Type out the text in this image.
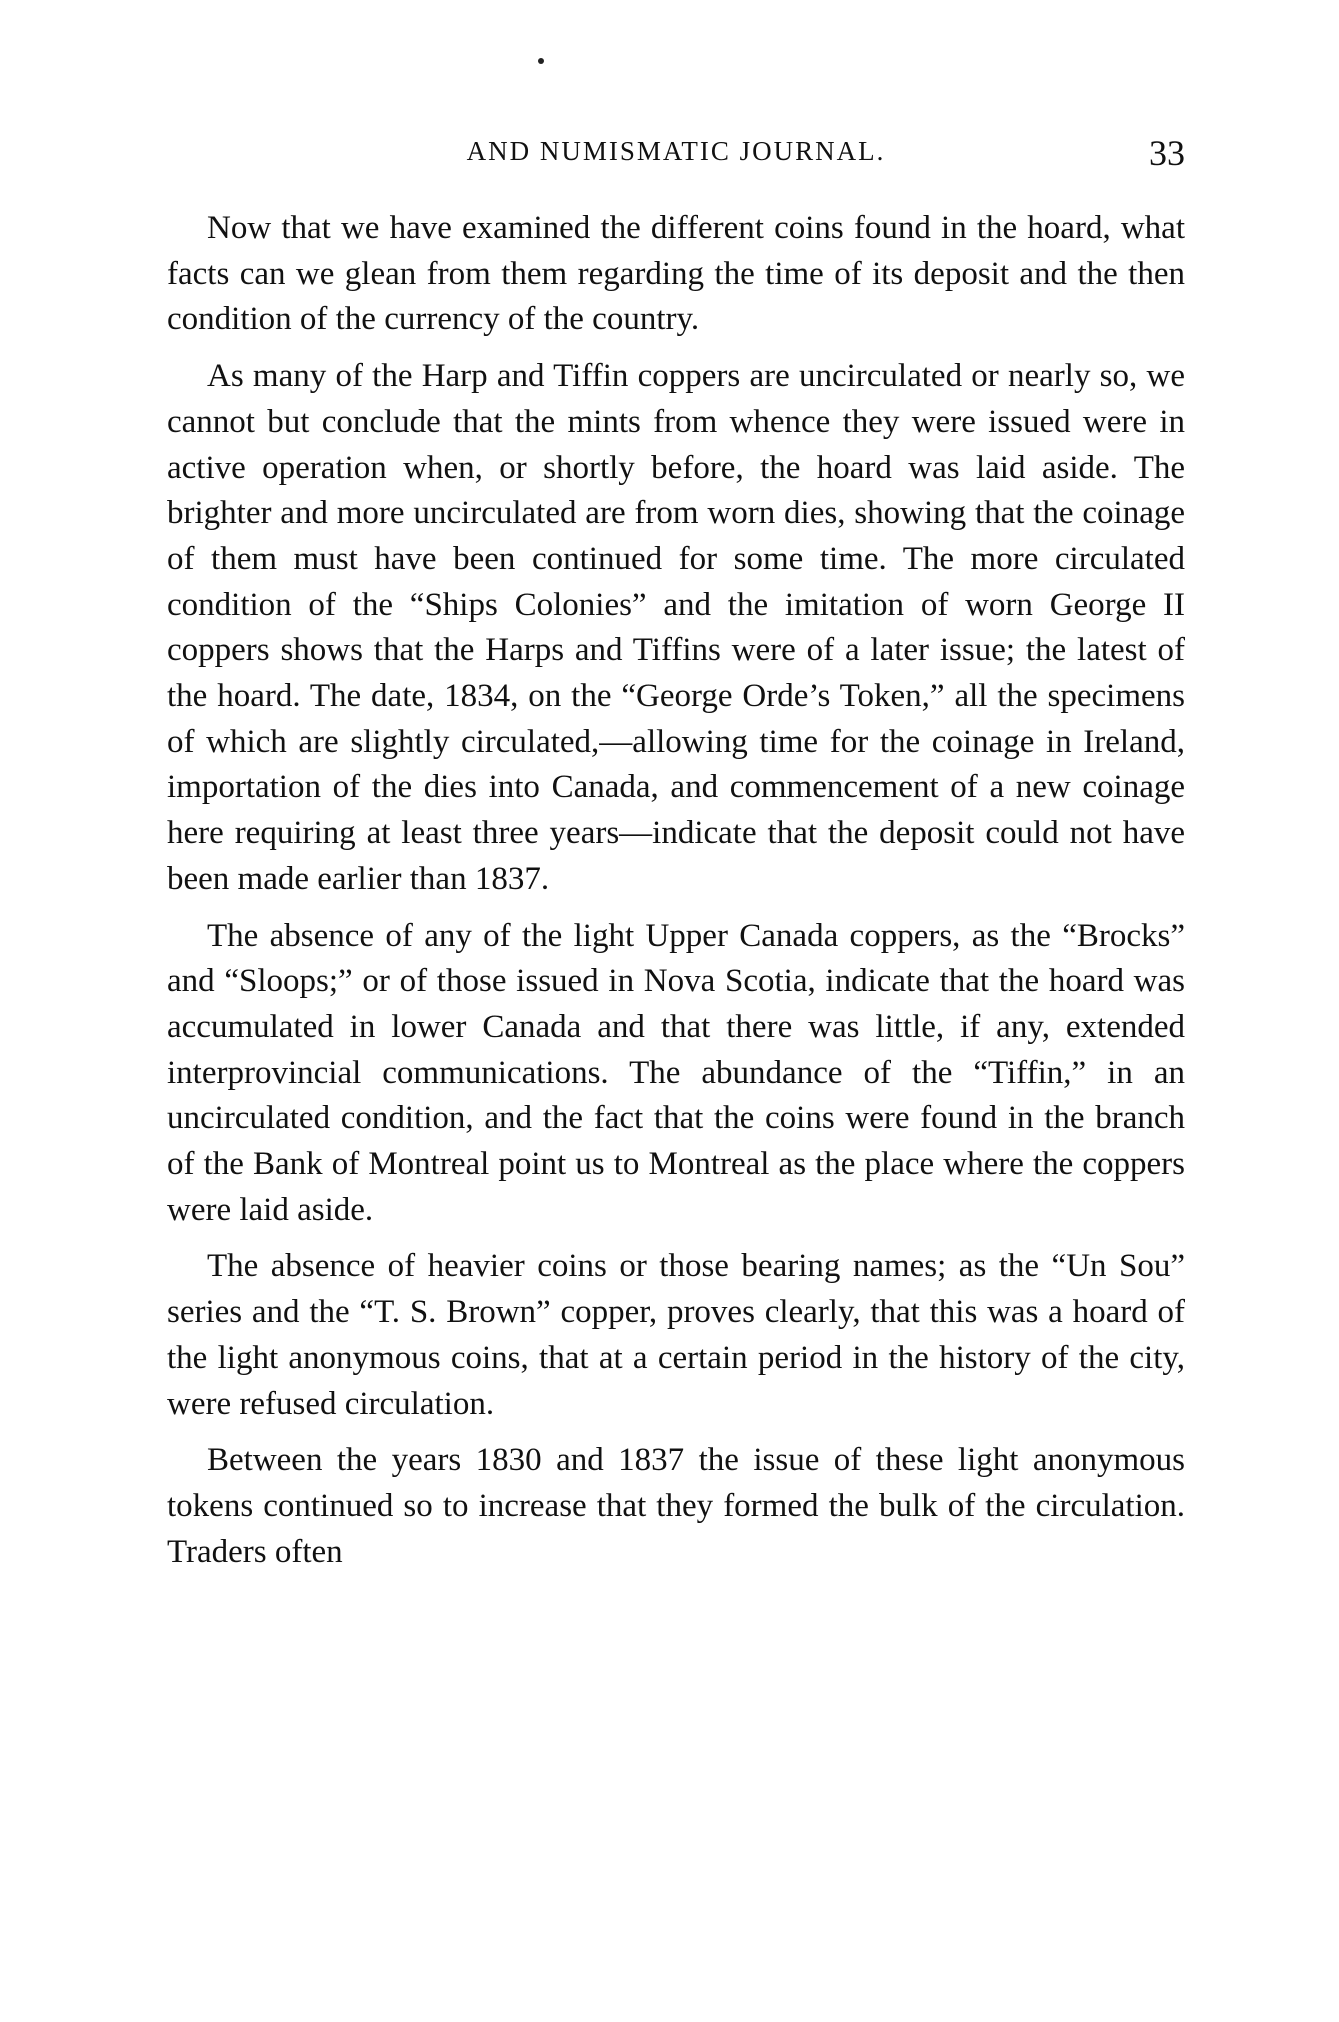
AND NUMISMATIC JOURNAL.	33

Now that we have examined the different coins found in the hoard, what facts can we glean from them regarding the time of its deposit and the then condition of the currency of the country.

As many of the Harp and Tiffin coppers are uncirculated or nearly so, we cannot but conclude that the mints from whence they were issued were in active operation when, or shortly before, the hoard was laid aside. The brighter and more uncirculated are from worn dies, showing that the coinage of them must have been continued for some time. The more circulated condition of the “Ships Colonies” and the imitation of worn George II coppers shows that the Harps and Tiffins were of a later issue; the latest of the hoard. The date, 1834, on the “George Orde’s Token,” all the specimens of which are slightly circulated,—allowing time for the coinage in Ireland, importation of the dies into Canada, and commencement of a new coinage here requiring at least three years—indicate that the deposit could not have been made earlier than 1837.

The absence of any of the light Upper Canada coppers, as the “Brocks” and “Sloops;” or of those issued in Nova Scotia, indicate that the hoard was accumulated in lower Canada and that there was little, if any, extended interprovincial communications. The abundance of the “Tiffin,” in an uncirculated condition, and the fact that the coins were found in the branch of the Bank of Montreal point us to Montreal as the place where the coppers were laid aside.

The absence of heavier coins or those bearing names; as the “Un Sou” series and the “T. S. Brown” copper, proves clearly, that this was a hoard of the light anonymous coins, that at a certain period in the history of the city, were refused circulation.

Between the years 1830 and 1837 the issue of these light anonymous tokens continued so to increase that they formed the bulk of the circulation. Traders often
